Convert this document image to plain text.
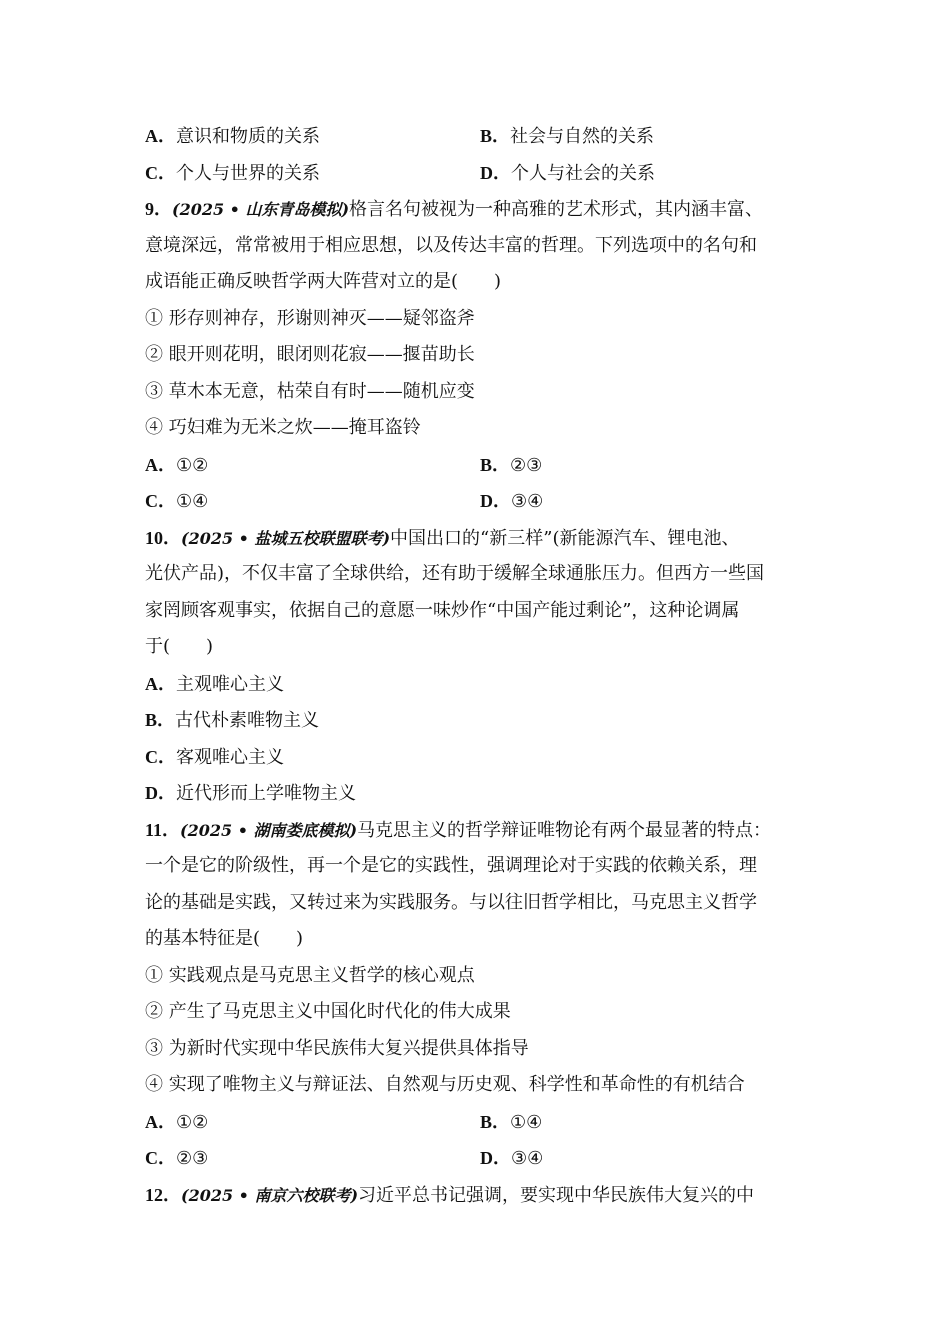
A．意识和物质的关系	B．社会与自然的关系
C．个人与世界的关系	D．个人与社会的关系
9．(2025 • 山东青岛模拟)格言名句被视为一种高雅的艺术形式，其内涵丰富、
意境深远，常常被用于相应思想，以及传达丰富的哲理。下列选项中的名句和
成语能正确反映哲学两大阵营对立的是(　　)
① 形存则神存，形谢则神灭——疑邻盗斧
② 眼开则花明，眼闭则花寂——揠苗助长
③ 草木本无意，枯荣自有时——随机应变
④ 巧妇难为无米之炊——掩耳盗铃
A．①②	B．②③
C．①④	D．③④
10．(2025 • 盐城五校联盟联考)中国出口的“新三样”(新能源汽车、锂电池、
光伏产品)，不仅丰富了全球供给，还有助于缓解全球通胀压力。但西方一些国
家罔顾客观事实，依据自己的意愿一味炒作“中国产能过剩论”，这种论调属
于(　　)
A．主观唯心主义
B．古代朴素唯物主义
C．客观唯心主义
D．近代形而上学唯物主义
11．(2025 • 湖南娄底模拟)马克思主义的哲学辩证唯物论有两个最显著的特点：
一个是它的阶级性，再一个是它的实践性，强调理论对于实践的依赖关系，理
论的基础是实践，又转过来为实践服务。与以往旧哲学相比，马克思主义哲学
的基本特征是(　　)
① 实践观点是马克思主义哲学的核心观点
② 产生了马克思主义中国化时代化的伟大成果
③ 为新时代实现中华民族伟大复兴提供具体指导
④ 实现了唯物主义与辩证法、自然观与历史观、科学性和革命性的有机结合
A．①②	B．①④
C．②③	D．③④
12．(2025 • 南京六校联考)习近平总书记强调，要实现中华民族伟大复兴的中
